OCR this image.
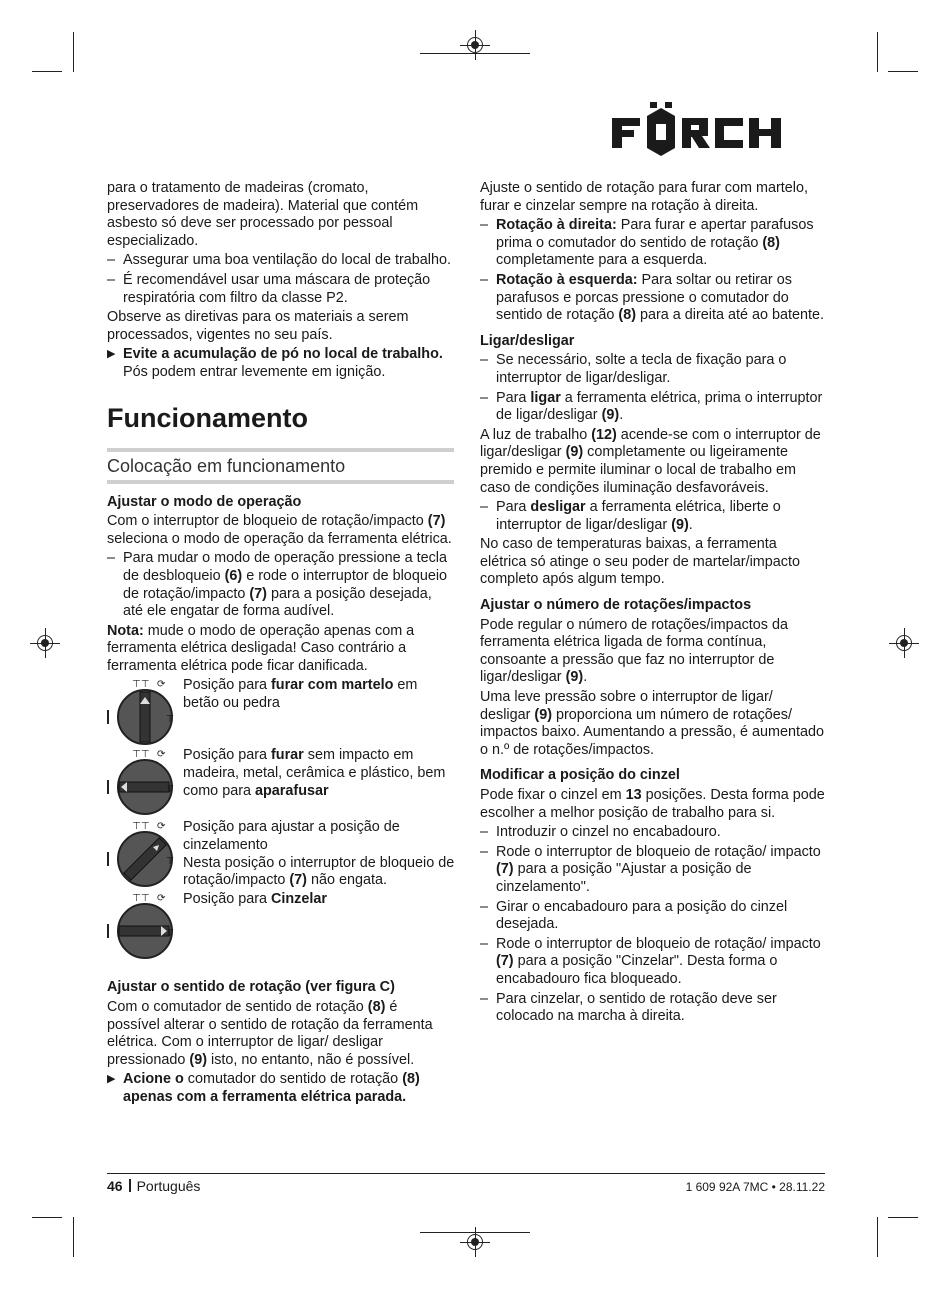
para o tratamento de madeiras (cromato, preservadores de madeira). Material que contém asbesto só deve ser processado por pessoal especializado.

– Assegurar uma boa ventilação do local de trabalho.
– É recomendável usar uma máscara de proteção respiratória com filtro da classe P2.

Observe as diretivas para os materiais a serem processados, vigentes no seu país.

▶ Evite a acumulação de pó no local de trabalho. Pós podem entrar levemente em ignição.
Funcionamento
Colocação em funcionamento
Ajustar o modo de operação

Com o interruptor de bloqueio de rotação/impacto (7) seleciona o modo de operação da ferramenta elétrica.

– Para mudar o modo de operação pressione a tecla de desbloqueio (6) e rode o interruptor de bloqueio de rotação/impacto (7) para a posição desejada, até ele engatar de forma audível.

Nota: mude o modo de operação apenas com a ferramenta elétrica desligada! Caso contrário a ferramenta elétrica pode ficar danificada.

⊤⊤ ⟳
T
Posição para furar com martelo em betão ou pedra
⊤⊤ ⟳
T
Posição para furar sem impacto em madeira, metal, cerâmica e plástico, bem como para aparafusar
⊤⊤ ⟳
T
Posição para ajustar a posição de cinzelamento
Nesta posição o interruptor de bloqueio de rotação/impacto (7) não engata.
⊤⊤ ⟳
T
Posição para Cinzelar
Ajustar o sentido de rotação (ver figura C)

Com o comutador de sentido de rotação (8) é possível alterar o sentido de rotação da ferramenta elétrica. Com o interruptor de ligar/ desligar pressionado (9) isto, no entanto, não é possível.

▶ Acione o comutador do sentido de rotação (8)
apenas com a ferramenta elétrica parada.

Ajuste o sentido de rotação para furar com martelo, furar e cinzelar sempre na rotação à direita.

– Rotação à direita: Para furar e apertar parafusos prima o comutador do sentido de rotação (8) completamente para a esquerda.
– Rotação à esquerda: Para soltar ou retirar os parafusos e porcas pressione o comutador do sentido de rotação (8) para a direita até ao batente.
Ligar/desligar
– Se necessário, solte a tecla de fixação para o interruptor de ligar/desligar.
– Para ligar a ferramenta elétrica, prima o interruptor de ligar/desligar (9).

A luz de trabalho (12) acende-se com o interruptor de ligar/desligar (9) completamente ou ligeiramente premido e permite iluminar o local de trabalho em caso de condições iluminação desfavoráveis.

– Para desligar a ferramenta elétrica, liberte o interruptor de ligar/desligar (9).

No caso de temperaturas baixas, a ferramenta elétrica só atinge o seu poder de martelar/impacto completo após algum tempo.

Ajustar o número de rotações/impactos

Pode regular o número de rotações/impactos da ferramenta elétrica ligada de forma contínua, consoante a pressão que faz no interruptor de ligar/desligar (9).

Uma leve pressão sobre o interruptor de ligar/ desligar (9) proporciona um número de rotações/ impactos baixo. Aumentando a pressão, é aumentado o n.º de rotações/impactos.

Modificar a posição do cinzel

Pode fixar o cinzel em 13 posições. Desta forma pode escolher a melhor posição de trabalho para si.

– Introduzir o cinzel no encabadouro.
– Rode o interruptor de bloqueio de rotação/ impacto (7) para a posição "Ajustar a posição de cinzelamento".
– Girar o encabadouro para a posição do cinzel desejada.
– Rode o interruptor de bloqueio de rotação/ impacto (7) para a posição "Cinzelar". Desta forma o encabadouro fica bloqueado.
– Para cinzelar, o sentido de rotação deve ser colocado na marcha à direita.
46 Português	1 609 92A 7MC • 28.11.22
